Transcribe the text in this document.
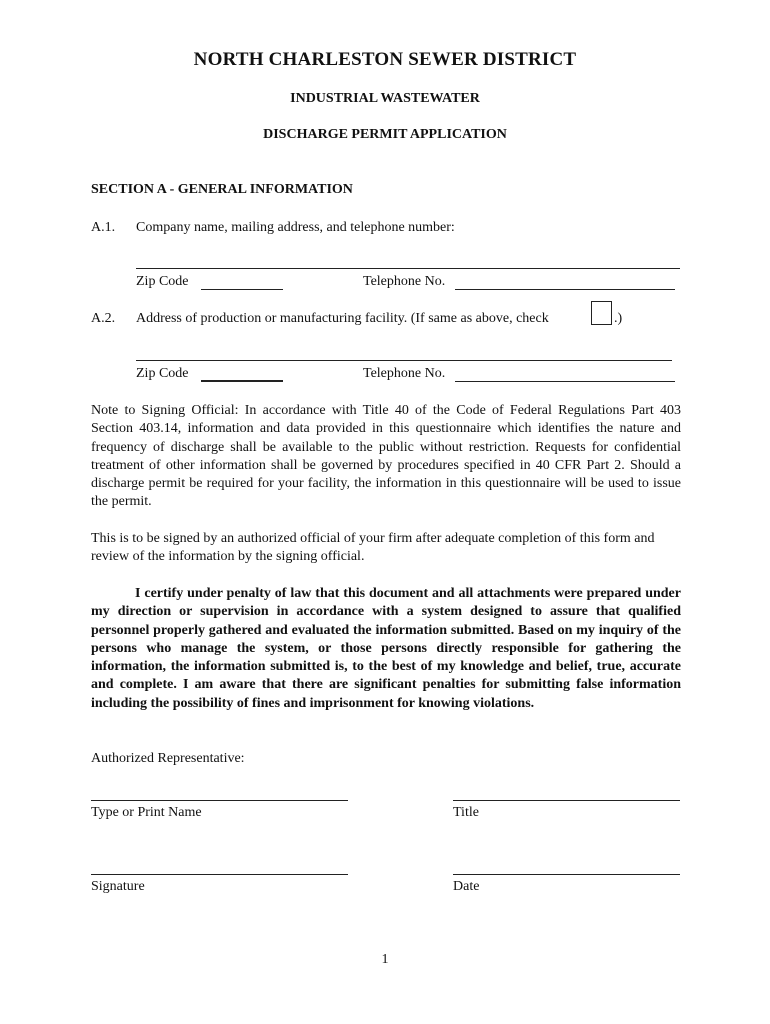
NORTH CHARLESTON SEWER DISTRICT
INDUSTRIAL WASTEWATER
DISCHARGE PERMIT APPLICATION
SECTION A - GENERAL INFORMATION
A.1. Company name, mailing address, and telephone number:
Zip Code	Telephone No.
A.2. Address of production or manufacturing facility. (If same as above, check	.)
Zip Code	Telephone No.
Note to Signing Official: In accordance with Title 40 of the Code of Federal Regulations Part 403 Section 403.14, information and data provided in this questionnaire which identifies the nature and frequency of discharge shall be available to the public without restriction. Requests for confidential treatment of other information shall be governed by procedures specified in 40 CFR Part 2. Should a discharge permit be required for your facility, the information in this questionnaire will be used to issue the permit.
This is to be signed by an authorized official of your firm after adequate completion of this form and review of the information by the signing official.
I certify under penalty of law that this document and all attachments were prepared under my direction or supervision in accordance with a system designed to assure that qualified personnel properly gathered and evaluated the information submitted. Based on my inquiry of the persons who manage the system, or those persons directly responsible for gathering the information, the information submitted is, to the best of my knowledge and belief, true, accurate and complete. I am aware that there are significant penalties for submitting false information including the possibility of fines and imprisonment for knowing violations.
Authorized Representative:
Type or Print Name	Title
Signature	Date
1
